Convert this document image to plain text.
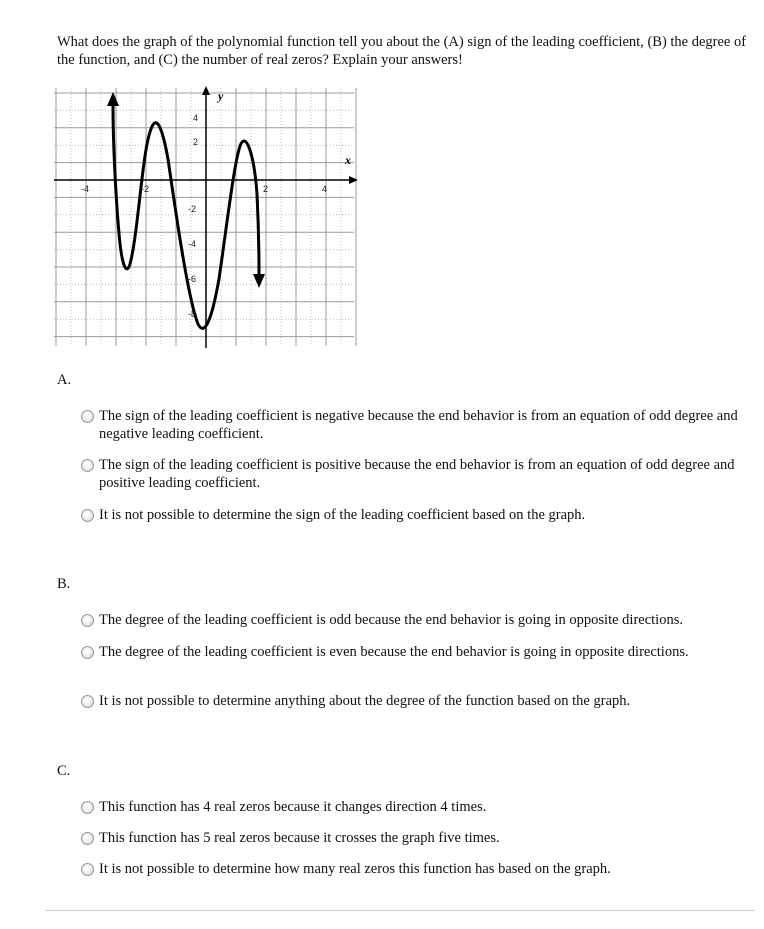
What does the graph of the polynomial function tell you about the (A) sign of the leading coefficient, (B) the degree of the function, and (C) the number of real zeros? Explain your answers!
x
y
-4	-2	2	4
4
2
-2
-4
-6
-8
A.
The sign of the leading coefficient is negative because the end behavior is from an equation of odd degree and negative leading coefficient.
The sign of the leading coefficient is positive because the end behavior is from an equation of odd degree and positive leading coefficient.
It is not possible to determine the sign of the leading coefficient based on the graph.
B.
The degree of the leading coefficient is odd because the end behavior is going in opposite directions.
The degree of the leading coefficient is even because the end behavior is going in opposite directions.
It is not possible to determine anything about the degree of the function based on the graph.
C.
This function has 4 real zeros because it changes direction 4 times.
This function has 5 real zeros because it crosses the graph five times.
It is not possible to determine how many real zeros this function has based on the graph.
